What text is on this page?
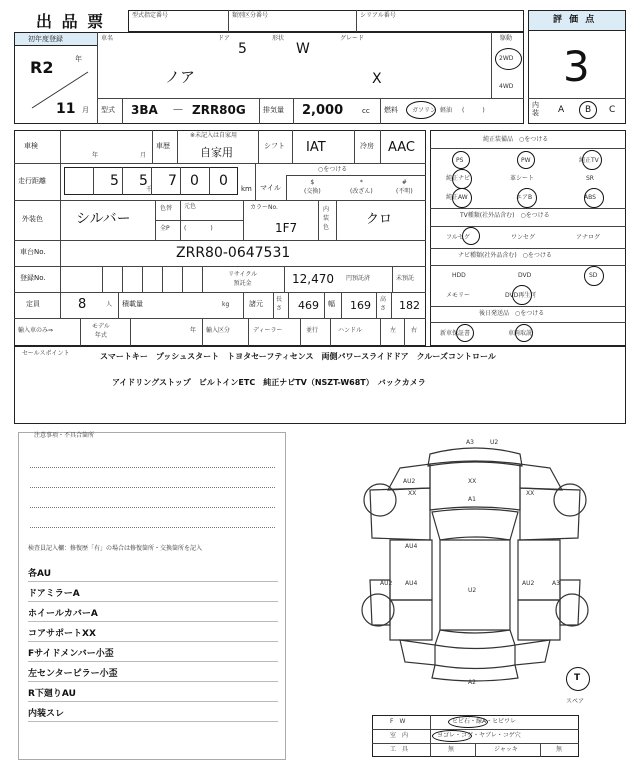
出 品 票	型式指定番号	類別区分番号	シリアル番号	評 価 点
3
内装	A B C
初年度登録
R2	年
11 月
車名	ドア
5
形状
W
グレード
ノア	X
駆動
2WD
4WD
型式 3BA － ZRR80G 排気量 2,000	cc 燃料 ガソリン 軽油 (　　　)
車検
年	月
車歴
※未記入は自家用
自家用	シフト IAT	冷房 AAC
走行距離	5 5
千
7 0 0 km
○をつける
マイル
$
(交換)
*
(改ざん)
#
(不明)
外装色 シルバー
色替
全P
元色
(　　　　)
カラーNo.
1F7
内装色
クロ
車台No.	ZRR80-0647531
登録No.	リサイクル
預託金	12,470 円預託済	未預託
定員	8	人 積載量	kg	諸元
長さ 469 幅 169 高さ 182
輸入車のみ⇒
モデル
年式
年 輸入区分	ディーラー	並行	ハンドル	左 右
純正装備品　○をつける
PS	PW	純正TV
純正ナビ	革シート	SR
純正AW	エアB	ABS
TV種類(社外品含む)　○をつける
フルセグ	ワンセグ	アナログ
ナビ種類(社外品含む)　○をつける
HDD	DVD	SD
メモリー	DVD再生可
後日発送品　○をつける
新車保証書	車両取説
セールスポイント	スマートキー　プッシュスタート　トヨタセーフティセンス　両側パワースライドドア　クルーズコントロール
アイドリングストップ　ビルトインETC　純正ナビTV（NSZT-W68T）　バックカメラ
注意事項・不具合箇所
検査員記入欄：修復歴「有」の場合は修復箇所・交換箇所を記入
各AU
ドアミラーA
ホイールカバーA
コアサポートXX
Fサイドメンバー小歪
左センターピラー小歪
R下廻りAU
内装スレ
A3	U2
XX
A1
AU2
XX	XX
AU4
AU2 AU4
U2
AU2	A3
A2	T
スペア
F　W	ヒビ石・線A・ヒビワレ
室　内	ヨゴレ・コゲ・ヤブレ・コゲ穴
工　具	無	ジャッキ	無
